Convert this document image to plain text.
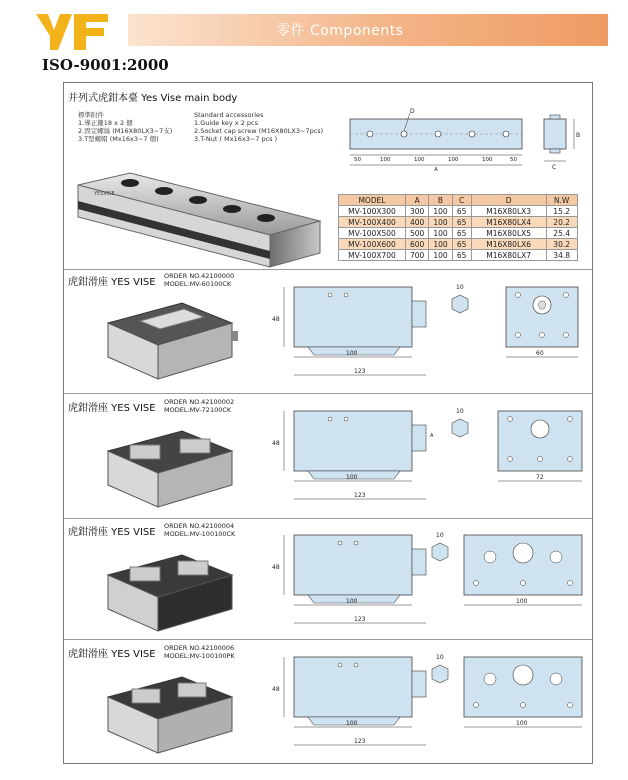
零件 Components
ISO-9001:2000
并列式虎鉗本臺 Yes Vise main body
標準附件
1.導正鍵18 x 2 個
2.固定螺絲 (M16X80LX3~7支)
3.T型螺帽 (Mx16x3~7 個)
Standard accessories
1.Guide key x 2 pcs
2.Socket cap screw (M16X80LX3~7pcs)
3.T-Nut ( Mx16x3~7 pcs )
YESVISE
D
50	100	100	100	100	50
A
B
C
MODEL	A	B	C	D	N.W
MV-100X300	300	100	65	M16X80LX3	15.2
MV-100X400	400	100	65	M16X80LX4	20.2
MV-100X500	500	100	65	M16X80LX5	25.4
MV-100X600	600	100	65	M16X80LX6	30.2
MV-100X700	700	100	65	M16X80LX7	34.8
虎鉗滑座 YES VISE
ORDER NO.42100000
MODEL:MV-60100CK
48
100
123
10
60
虎鉗滑座 YES VISE
ORDER NO.42100002
MODEL:MV-72100CK
A
48
100
123
10
72
虎鉗滑座 YES VISE
ORDER NO.42100004
MODEL:MV-100100CK
48
100
123
10
100
虎鉗滑座 YES VISE
ORDER NO.42100006
MODEL:MV-100100PK
48
100
123
10
100
